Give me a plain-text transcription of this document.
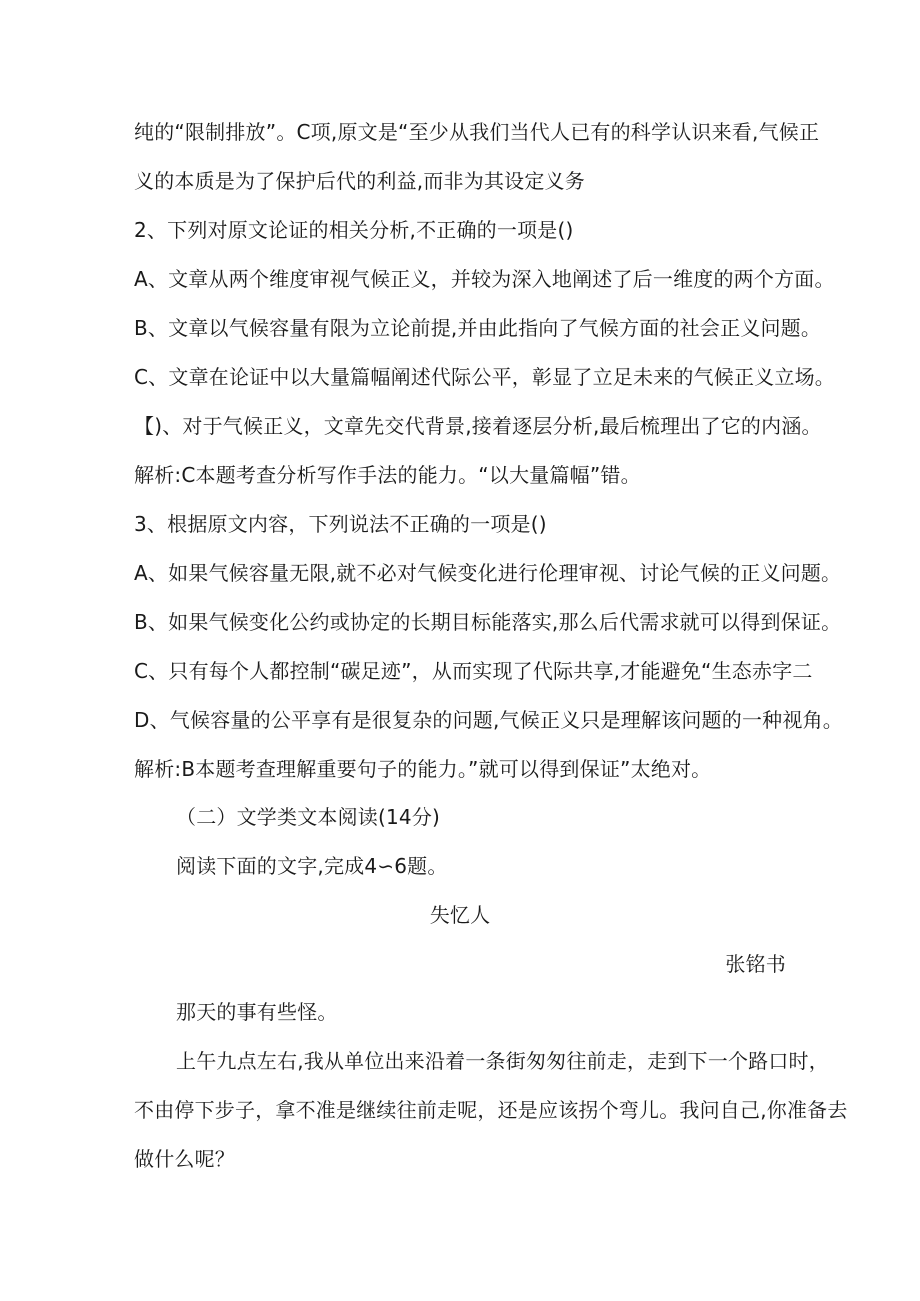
纯的“限制排放”。C项,原文是“至少从我们当代人已有的科学认识来看,气候正
义的本质是为了保护后代的利益,而非为其设定义务
2、下列对原文论证的相关分析,不正确的一项是()
A、文章从两个维度审视气候正义，并较为深入地阐述了后一维度的两个方面。
B、文章以气候容量有限为立论前提,并由此指向了气候方面的社会正义问题。
C、文章在论证中以大量篇幅阐述代际公平，彰显了立足未来的气候正义立场。
【)、对于气候正义，文章先交代背景,接着逐层分析,最后梳理出了它的内涵。
解析:C本题考查分析写作手法的能力。“以大量篇幅”错。
3、根据原文内容，下列说法不正确的一项是()
A、如果气候容量无限,就不必对气候变化进行伦理审视、讨论气候的正义问题。
B、如果气候变化公约或协定的长期目标能落实,那么后代需求就可以得到保证。
C、只有每个人都控制“碳足迹”，从而实现了代际共享,才能避免“生态赤字二
D、气候容量的公平享有是很复杂的问题,气候正义只是理解该问题的一种视角。
解析:B本题考查理解重要句子的能力。”就可以得到保证”太绝对。
（二）文学类文本阅读(14分)
阅读下面的文字,完成4∽6题。
失忆人
张铭书
那天的事有些怪。
上午九点左右,我从单位出来沿着一条街匆匆往前走，走到下一个路口时，
不由停下步子，拿不准是继续往前走呢，还是应该拐个弯儿。我问自己,你准备去
做什么呢？
